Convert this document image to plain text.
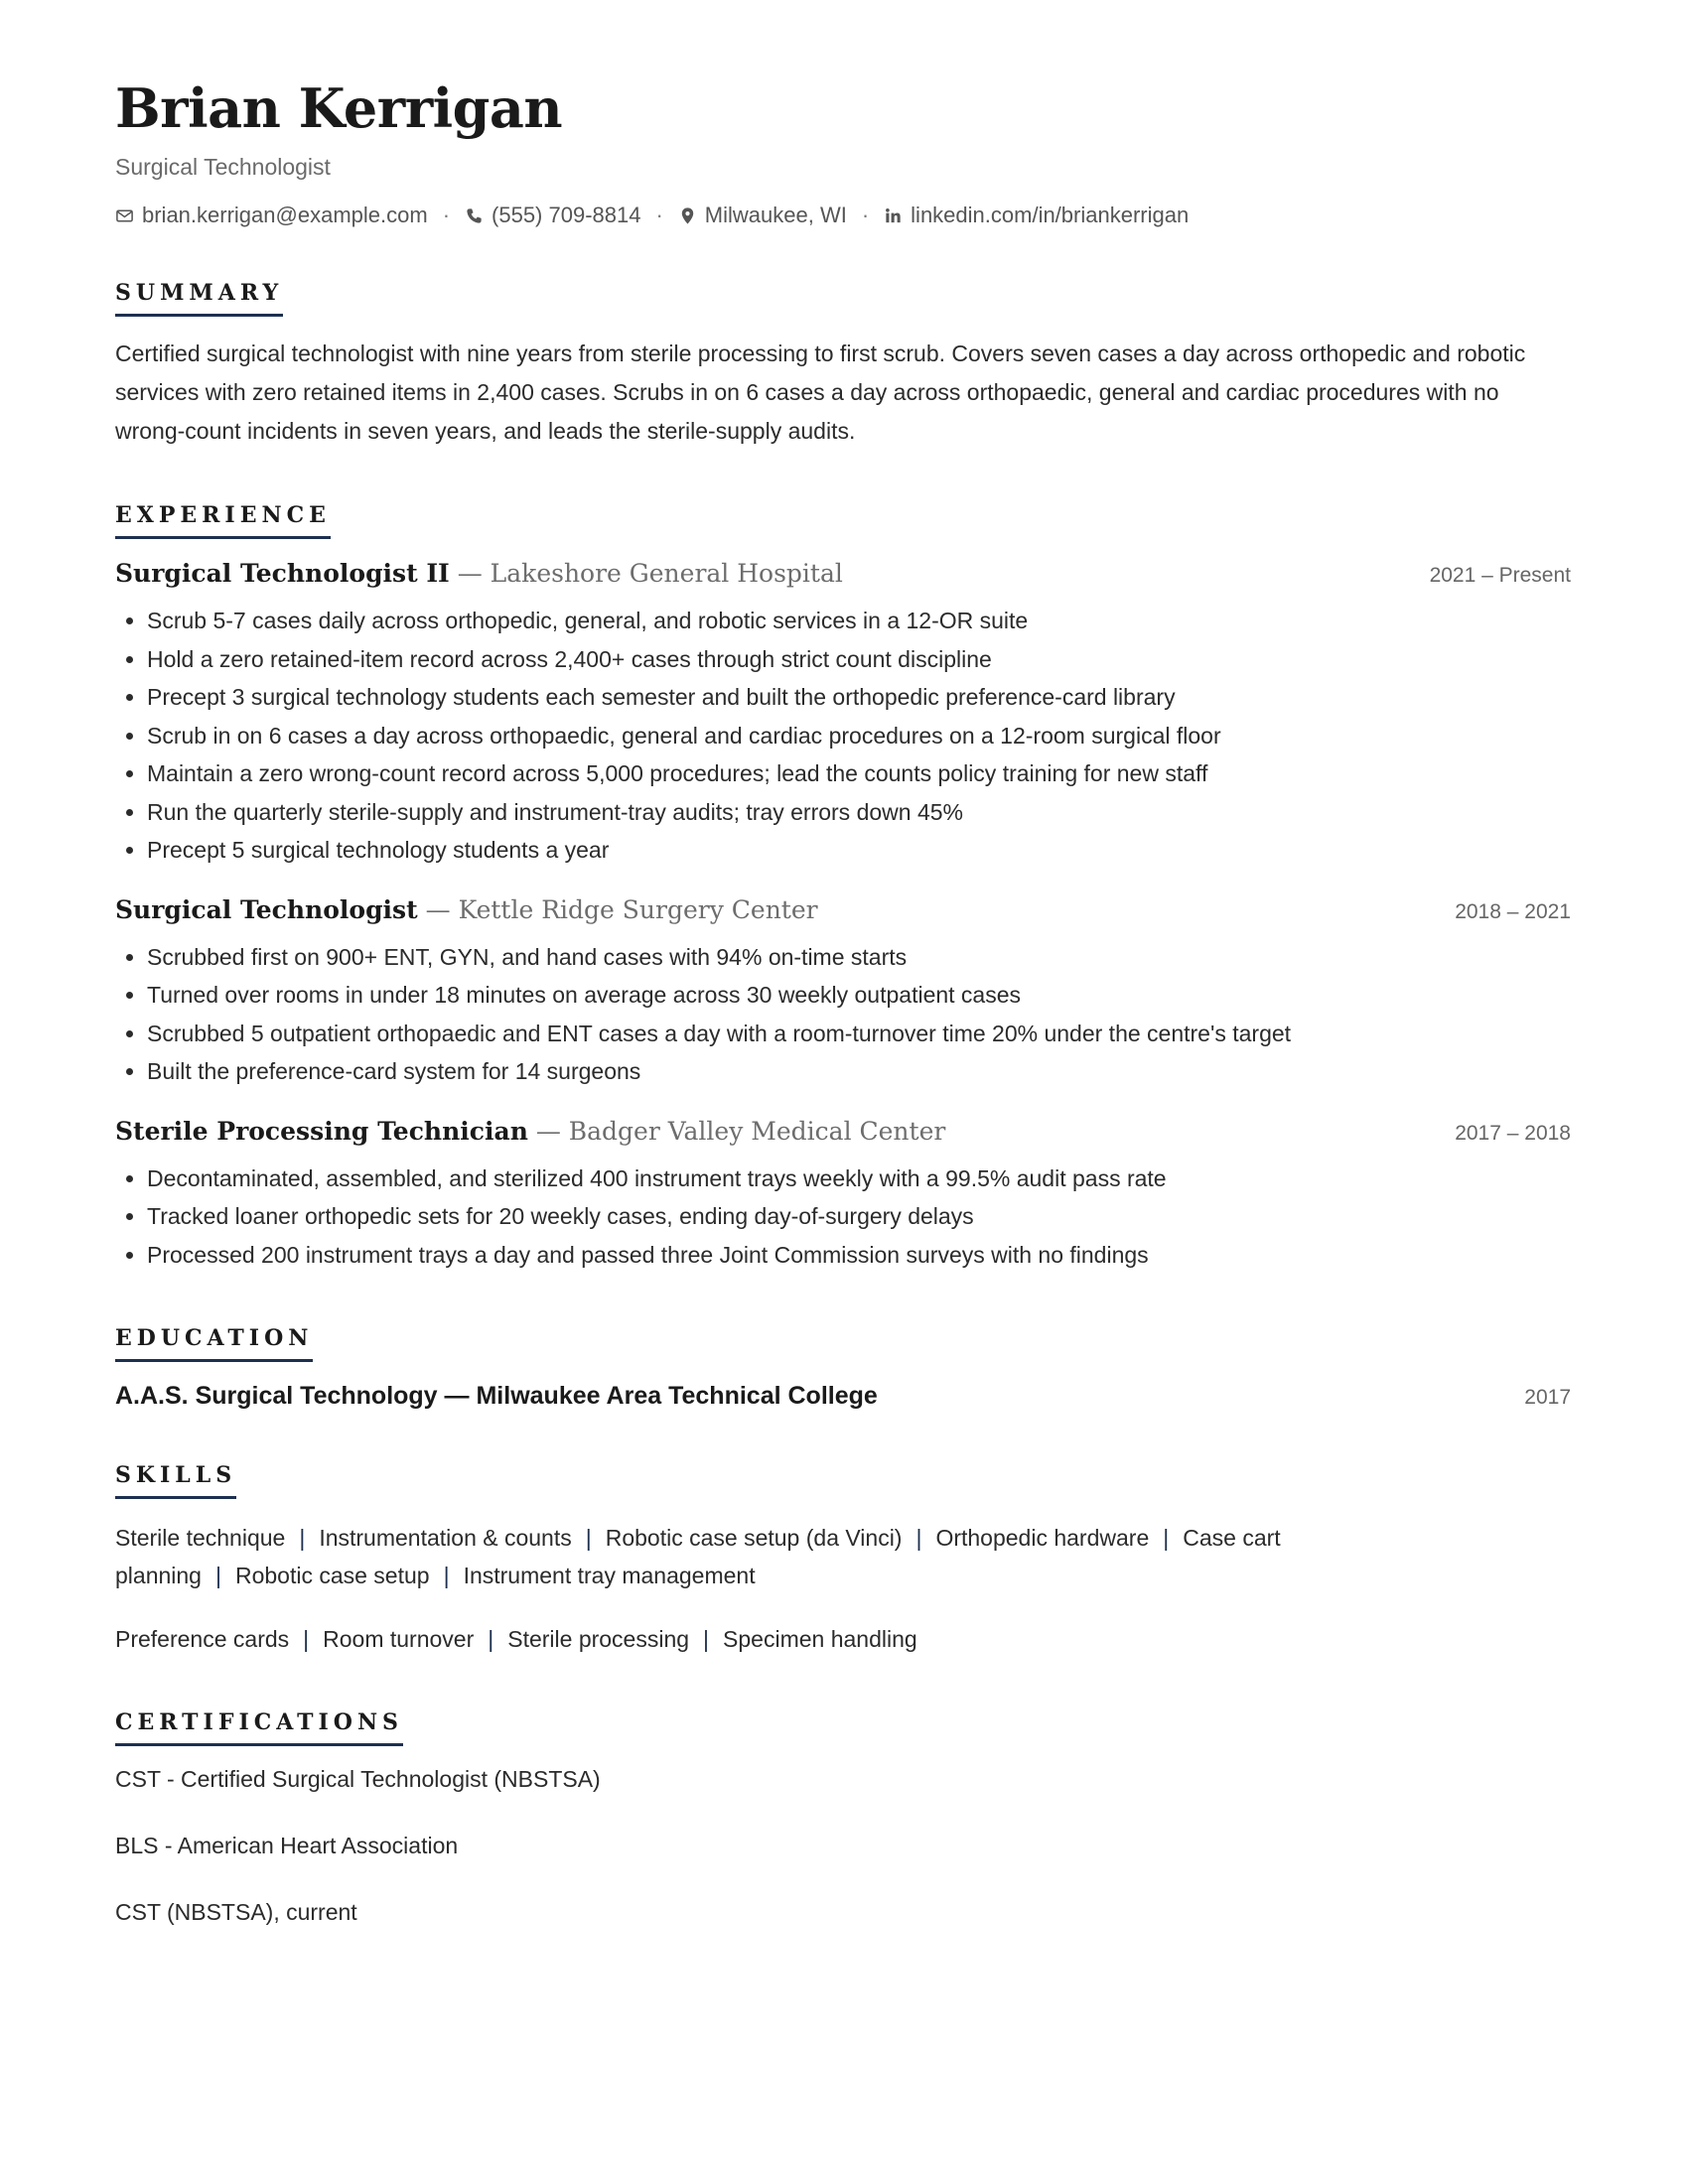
Brian Kerrigan
Surgical Technologist
brian.kerrigan@example.com · (555) 709-8814 · Milwaukee, WI · linkedin.com/in/briankerrigan
SUMMARY
Certified surgical technologist with nine years from sterile processing to first scrub. Covers seven cases a day across orthopedic and robotic services with zero retained items in 2,400 cases. Scrubs in on 6 cases a day across orthopaedic, general and cardiac procedures with no wrong-count incidents in seven years, and leads the sterile-supply audits.
EXPERIENCE
Surgical Technologist II — Lakeshore General Hospital	2021 – Present
• Scrub 5-7 cases daily across orthopedic, general, and robotic services in a 12-OR suite
• Hold a zero retained-item record across 2,400+ cases through strict count discipline
• Precept 3 surgical technology students each semester and built the orthopedic preference-card library
• Scrub in on 6 cases a day across orthopaedic, general and cardiac procedures on a 12-room surgical floor
• Maintain a zero wrong-count record across 5,000 procedures; lead the counts policy training for new staff
• Run the quarterly sterile-supply and instrument-tray audits; tray errors down 45%
• Precept 5 surgical technology students a year
Surgical Technologist — Kettle Ridge Surgery Center	2018 – 2021
• Scrubbed first on 900+ ENT, GYN, and hand cases with 94% on-time starts
• Turned over rooms in under 18 minutes on average across 30 weekly outpatient cases
• Scrubbed 5 outpatient orthopaedic and ENT cases a day with a room-turnover time 20% under the centre's target
• Built the preference-card system for 14 surgeons
Sterile Processing Technician — Badger Valley Medical Center	2017 – 2018
• Decontaminated, assembled, and sterilized 400 instrument trays weekly with a 99.5% audit pass rate
• Tracked loaner orthopedic sets for 20 weekly cases, ending day-of-surgery delays
• Processed 200 instrument trays a day and passed three Joint Commission surveys with no findings
EDUCATION
A.A.S. Surgical Technology — Milwaukee Area Technical College	2017
SKILLS
Sterile technique | Instrumentation & counts | Robotic case setup (da Vinci) | Orthopedic hardware | Case cart planning | Robotic case setup | Instrument tray management
Preference cards | Room turnover | Sterile processing | Specimen handling
CERTIFICATIONS
CST - Certified Surgical Technologist (NBSTSA)
BLS - American Heart Association
CST (NBSTSA), current
